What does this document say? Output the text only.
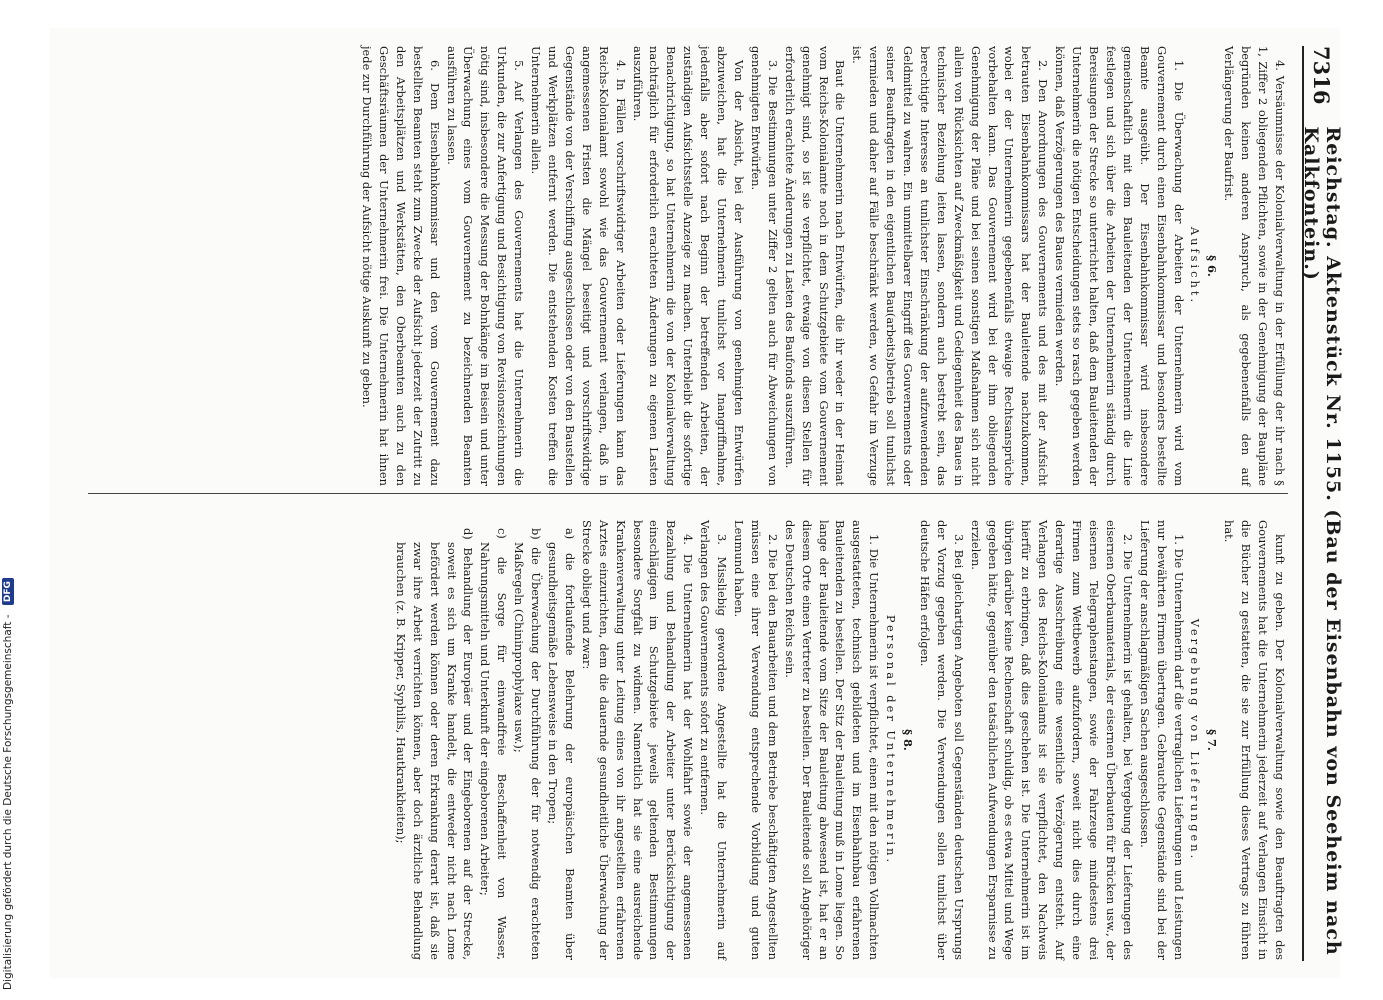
7316
Reichstag. Aktenstück Nr. 1155. (Bau der Eisenbahn von Seeheim nach Kalkfontein.)

4. Versäumnisse der Kolonialverwaltung in der Erfüllung der ihr nach § 1, Ziffer 2 obliegenden Pflichten, sowie in der Genehmigung der Baupläne begründen keinen anderen Anspruch, als gegebenenfalls den auf Verlängerung der Baufrist.

§ 6.

Aufsicht.

1. Die Überwachung der Arbeiten der Unternehmerin wird vom Gouvernement durch einen Eisenbahnkommissar und besonders bestellte Beamte ausgeübt. Der Eisenbahnkommissar wird insbesondere gemeinschaftlich mit dem Bauleitenden der Unternehmerin die Linie festlegen und sich über die Arbeiten der Unternehmerin ständig durch Bereisungen der Strecke so unterrichtet halten, daß dem Bauleitenden der Unternehmerin die nötigen Entscheidungen stets so rasch gegeben werden können, daß Verzögerungen des Baues vermieden werden.

2. Den Anordnungen des Gouvernements und des mit der Aufsicht betrauten Eisenbahnkommissars hat der Bauleitende nachzukommen, wobei er der Unternehmerin gegebenenfalls etwaige Rechtsansprüche vorbehalten kann. Das Gouvernement wird bei der ihm obliegenden Genehmigung der Pläne und bei seinen sonstigen Maßnahmen sich nicht allein von Rücksichten auf Zweckmäßigkeit und Gediegenheit des Baues in technischer Beziehung leiten lassen, sondern auch bestrebt sein, das berechtigte Interesse an tunlichster Einschränkung der aufzuwendenden Geldmittel zu wahren. Ein unmittelbarer Eingriff des Gouvernements oder seiner Beauftragten in den eigentlichen Bau(arbeits)betrieb soll tunlichst vermieden und daher auf Fälle beschränkt werden, wo Gefahr im Verzuge ist.

Baut die Unternehmerin nach Entwürfen, die ihr weder in der Heimat vom Reichs-Kolonialamte noch in dem Schutzgebiete vom Gouvernement genehmigt sind, so ist sie verpflichtet, etwaige von diesen Stellen für erforderlich erachtete Änderungen zu Lasten des Baufonds auszuführen.

3. Die Bestimmungen unter Ziffer 2 gelten auch für Abweichungen von genehmigten Entwürfen.

Von der Absicht, bei der Ausführung von genehmigten Entwürfen abzuweichen, hat die Unternehmerin tunlichst vor Inangriffnahme, jedenfalls aber sofort nach Beginn der betreffenden Arbeiten, der zuständigen Aufsichtsstelle Anzeige zu machen. Unterbleibt die sofortige Benachrichtigung, so hat Unternehmerin die von der Kolonialverwaltung nachträglich für erforderlich erachteten Änderungen zu eigenen Lasten auszuführen.

4. In Fällen vorschriftswidriger Arbeiten oder Lieferungen kann das Reichs-Kolonialamt sowohl wie das Gouvernement verlangen, daß in angemessenen Fristen die Mängel beseitigt und vorschriftswidrige Gegenstände von der Verschiffung ausgeschlossen oder von den Baustellen und Werkplätzen entfernt werden. Die entstehenden Kosten treffen die Unternehmerin allein.

5. Auf Verlangen des Gouvernements hat die Unternehmerin die Urkunden, die zur Anfertigung und Besichtigung von Revisionszeichnungen nötig sind, insbesondere die Messung der Bohnkänge im Beisein und unter Überwachung eines vom Gouvernement zu bezeichnenden Beamten ausführen zu lassen.

6. Dem Eisenbahnkommissar und den vom Gouvernement dazu bestellten Beamten steht zum Zwecke der Aufsicht jederzeit der Zutritt zu den Arbeitsplätzen und Werkstätten, den Oberbeamten auch zu den Geschäftsräumen der Unternehmerin frei. Die Unternehmerin hat ihnen jede zur Durchführung der Aufsicht nötige Auskunft zu geben.

kunft zu geben. Der Kolonialverwaltung sowie den Beauftragten des Gouvernements hat die Unternehmerin jederzeit auf Verlangen Einsicht in die Bücher zu gestatten, die sie zur Erfüllung dieses Vertrags zu führen hat.

§ 7.

Vergebung von Lieferungen.

1. Die Unternehmerin darf die vertraglichen Lieferungen und Leistungen nur bewährten Firmen übertragen. Gebrauchte Gegenstände sind bei der Lieferung der anschlagmäßigen Sachen ausgeschlossen.

2. Die Unternehmerin ist gehalten, bei Vergebung der Lieferungen des eisernen Oberbaumaterials, der eisernen Überbauten für Brücken usw., der eisernen Telegraphenstangen, sowie der Fahrzeuge mindestens drei Firmen zum Wettbewerb aufzufordern, soweit nicht dies durch eine derartige Ausschreibung eine wesentliche Verzögerung entsteht. Auf Verlangen des Reichs-Kolonialamts ist sie verpflichtet, den Nachweis hierfür zu erbringen, daß dies geschehen ist. Die Unternehmerin ist im übrigen darüber keine Rechenschaft schuldig, ob es etwa Mittel und Wege gegeben hätte, gegenüber den tatsächlichen Aufwendungen Ersparnisse zu erzielen.

3. Bei gleichartigen Angeboten soll Gegenständen deutschen Ursprungs der Vorzug gegeben werden. Die Verwendungen sollen tunlichst über deutsche Häfen erfolgen.

§ 8.

Personal der Unternehmerin.

1. Die Unternehmerin ist verpflichtet, einen mit den nötigen Vollmachten ausgestatteten, technisch gebildeten und im Eisenbahnbau erfahrenen Bauleitenden zu bestellen. Der Sitz der Bauleitung muß in Lome liegen. So lange der Bauleitende vom Sitze der Bauleitung abwesend ist, hat er an diesem Orte einen Vertreter zu bestellen. Der Bauleitende soll Angehöriger des Deutschen Reichs sein.

2. Die bei den Bauarbeiten und dem Betriebe beschäftigten Angestellten müssen eine ihrer Verwendung entsprechende Vorbildung und guten Leumund haben.

3. Missliebig gewordene Angestellte hat die Unternehmerin auf Verlangen des Gouvernements sofort zu entfernen.

4. Die Unternehmerin hat der Wohlfahrt sowie der angemessenen Bezahlung und Behandlung der Arbeiter unter Berücksichtigung der einschlägigen im Schutzgebiete jeweils geltenden Bestimmungen besondere Sorgfalt zu widmen. Namentlich hat sie eine ausreichende Krankenverwaltung unter Leitung eines von ihr angestellten erfahrenen Arztes einzurichten, dem die dauernde gesundheitliche Überwachung der Strecke obliegt und zwar:

a) die fortlaufende Belehrung der europäischen Beamten über gesundheitsgemäße Lebensweise in den Tropen;

b) die Überwachung der Durchführung der für notwendig erachteten Maßregeln (Chininprophylaxe usw.);

c) die Sorge für einwandfreie Beschaffenheit von Wasser, Nahrungsmitteln und Unterkunft der eingeborenen Arbeiter;

d) Behandlung der Europäer und der Eingeborenen auf der Strecke, soweit es sich um Kranke handelt, die entweder nicht nach Lome befördert werden können oder deren Erkrankung derart ist, daß sie zwar ihre Arbeit verrichten können, aber doch ärztliche Behandlung brauchen (z. B. Kripper, Syphilis, Hautkrankheiten);

Digitalisierung gefördert durch die Deutsche Forschungsgemeinschaft - DFG
